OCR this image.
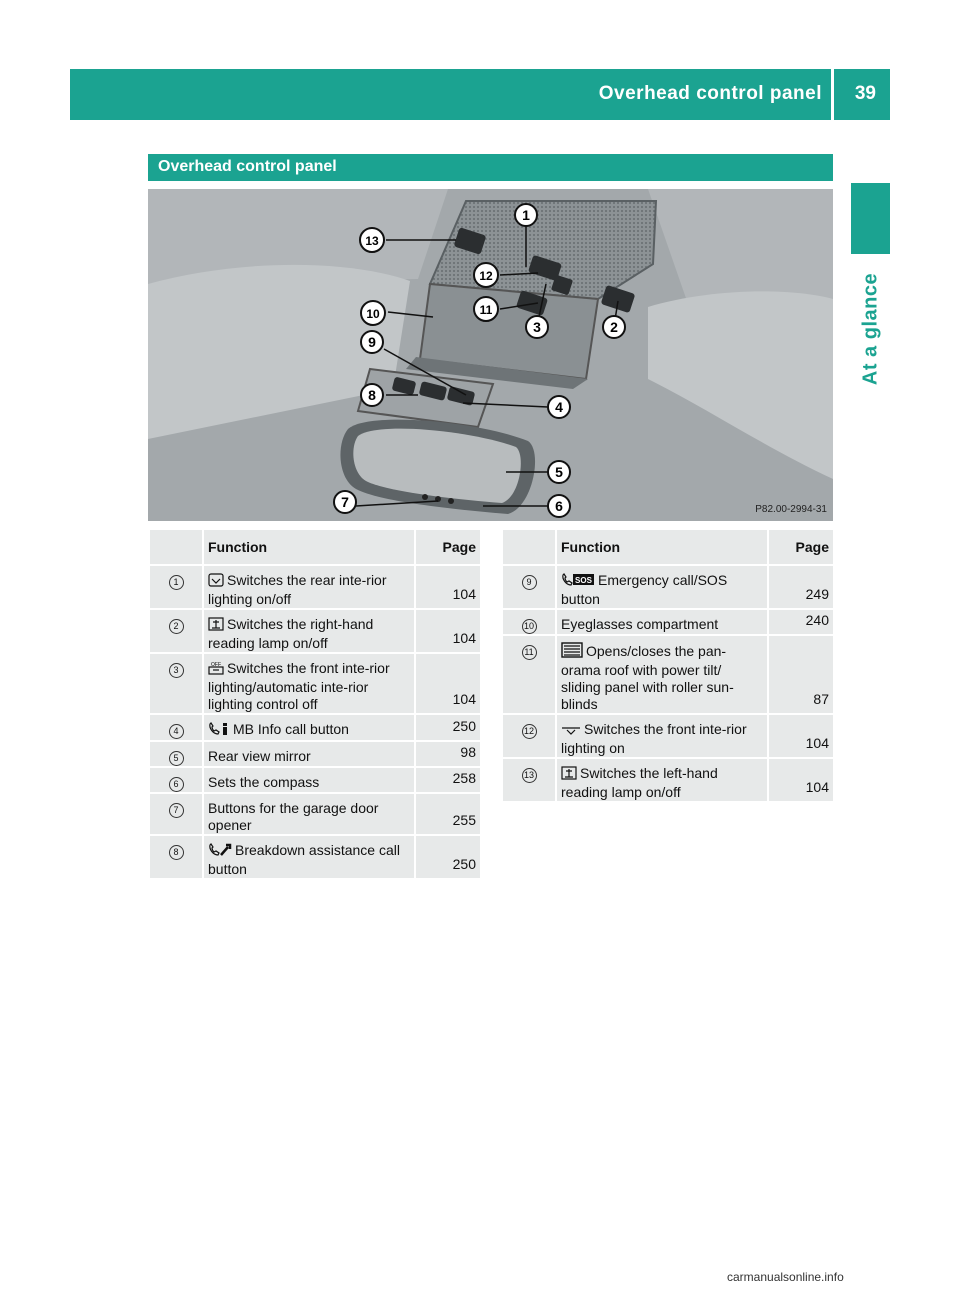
Overhead control panel 39
At a glance
Overhead control panel
1
2
3
4
5
6
7
8
9
10	11
12
13
P82.00-2994-31
	Function	Page
1	Switches the rear inte-rior lighting on/off	104
2	Switches the right-hand reading lamp on/off	104
3	OFF Switches the front inte-rior lighting/automatic inte-rior lighting control off	104
4	MB Info call button	250
5	Rear view mirror	98
6	Sets the compass	258
7	Buttons for the garage door opener	255
8	Breakdown assistance call button	250
	Function	Page
9	SOS Emergency call/SOS button	249
10	Eyeglasses compartment	240
11	Opens/closes the pan-orama roof with power tilt/ sliding panel with roller sun-blinds	87
12	Switches the front inte-rior lighting on	104
13	Switches the left-hand reading lamp on/off	104
carmanualsonline.info
